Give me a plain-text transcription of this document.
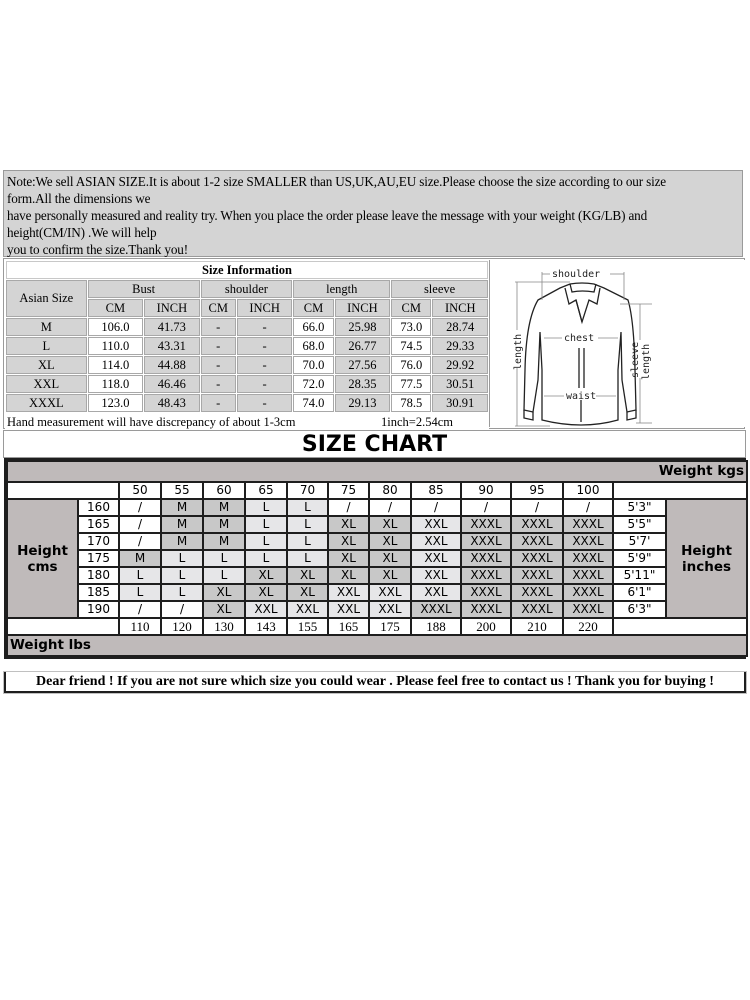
Note:We sell ASIAN SIZE.It is about 1-2 size SMALLER than US,UK,AU,EU size.Please choose the size according to our size
form.All the dimensions we
have personally measured and reality try. When you place the order please leave the message with your weight (KG/LB) and
height(CM/IN) .We will help
you to confirm the size.Thank you!
Size Information								
Asian Size	Bust		shoulder		length		sleeve	
	CM	INCH	CM	INCH	CM	INCH	CM	INCH
M	106.0	41.73	-	-	66.0	25.98	73.0	28.74
L	110.0	43.31	-	-	68.0	26.77	74.5	29.33
XL	114.0	44.88	-	-	70.0	27.56	76.0	29.92
XXL	118.0	46.46	-	-	72.0	28.35	77.5	30.51
XXXL	123.0	48.43	-	-	74.0	29.13	78.5	30.91
Hand measurement will have discrepancy of about 1-3cm 1inch=2.54cm								
shoulder
chest
waist
length	sleeve length
SIZE CHART
Weight kgs														
		50	55	60	65	70	75	80	85	90	95	100		

Height
cms
	160	/	M	M	L	L	/	/	/	/	/	/	5'3"	
Height
inches

	165	/	M	M	L	L	XL	XL	XXL	XXXL	XXXL	XXXL	5'5"	
	170	/	M	M	L	L	XL	XL	XXL	XXXL	XXXL	XXXL	5'7'	
	175	M	L	L	L	L	XL	XL	XXL	XXXL	XXXL	XXXL	5'9"	
	180	L	L	L	XL	XL	XL	XL	XXL	XXXL	XXXL	XXXL	5'11"	
	185	L	L	XL	XL	XL	XXL	XXL	XXL	XXXL	XXXL	XXXL	6'1"	
	190	/	/	XL	XXL	XXL	XXL	XXL	XXXL	XXXL	XXXL	XXXL	6'3"	
		110	120	130	143	155	165	175	188	200	210	220		
Weight lbs														
Dear friend ! If you are not sure which size you could wear . Please feel free to contact us ! Thank you for buying !
